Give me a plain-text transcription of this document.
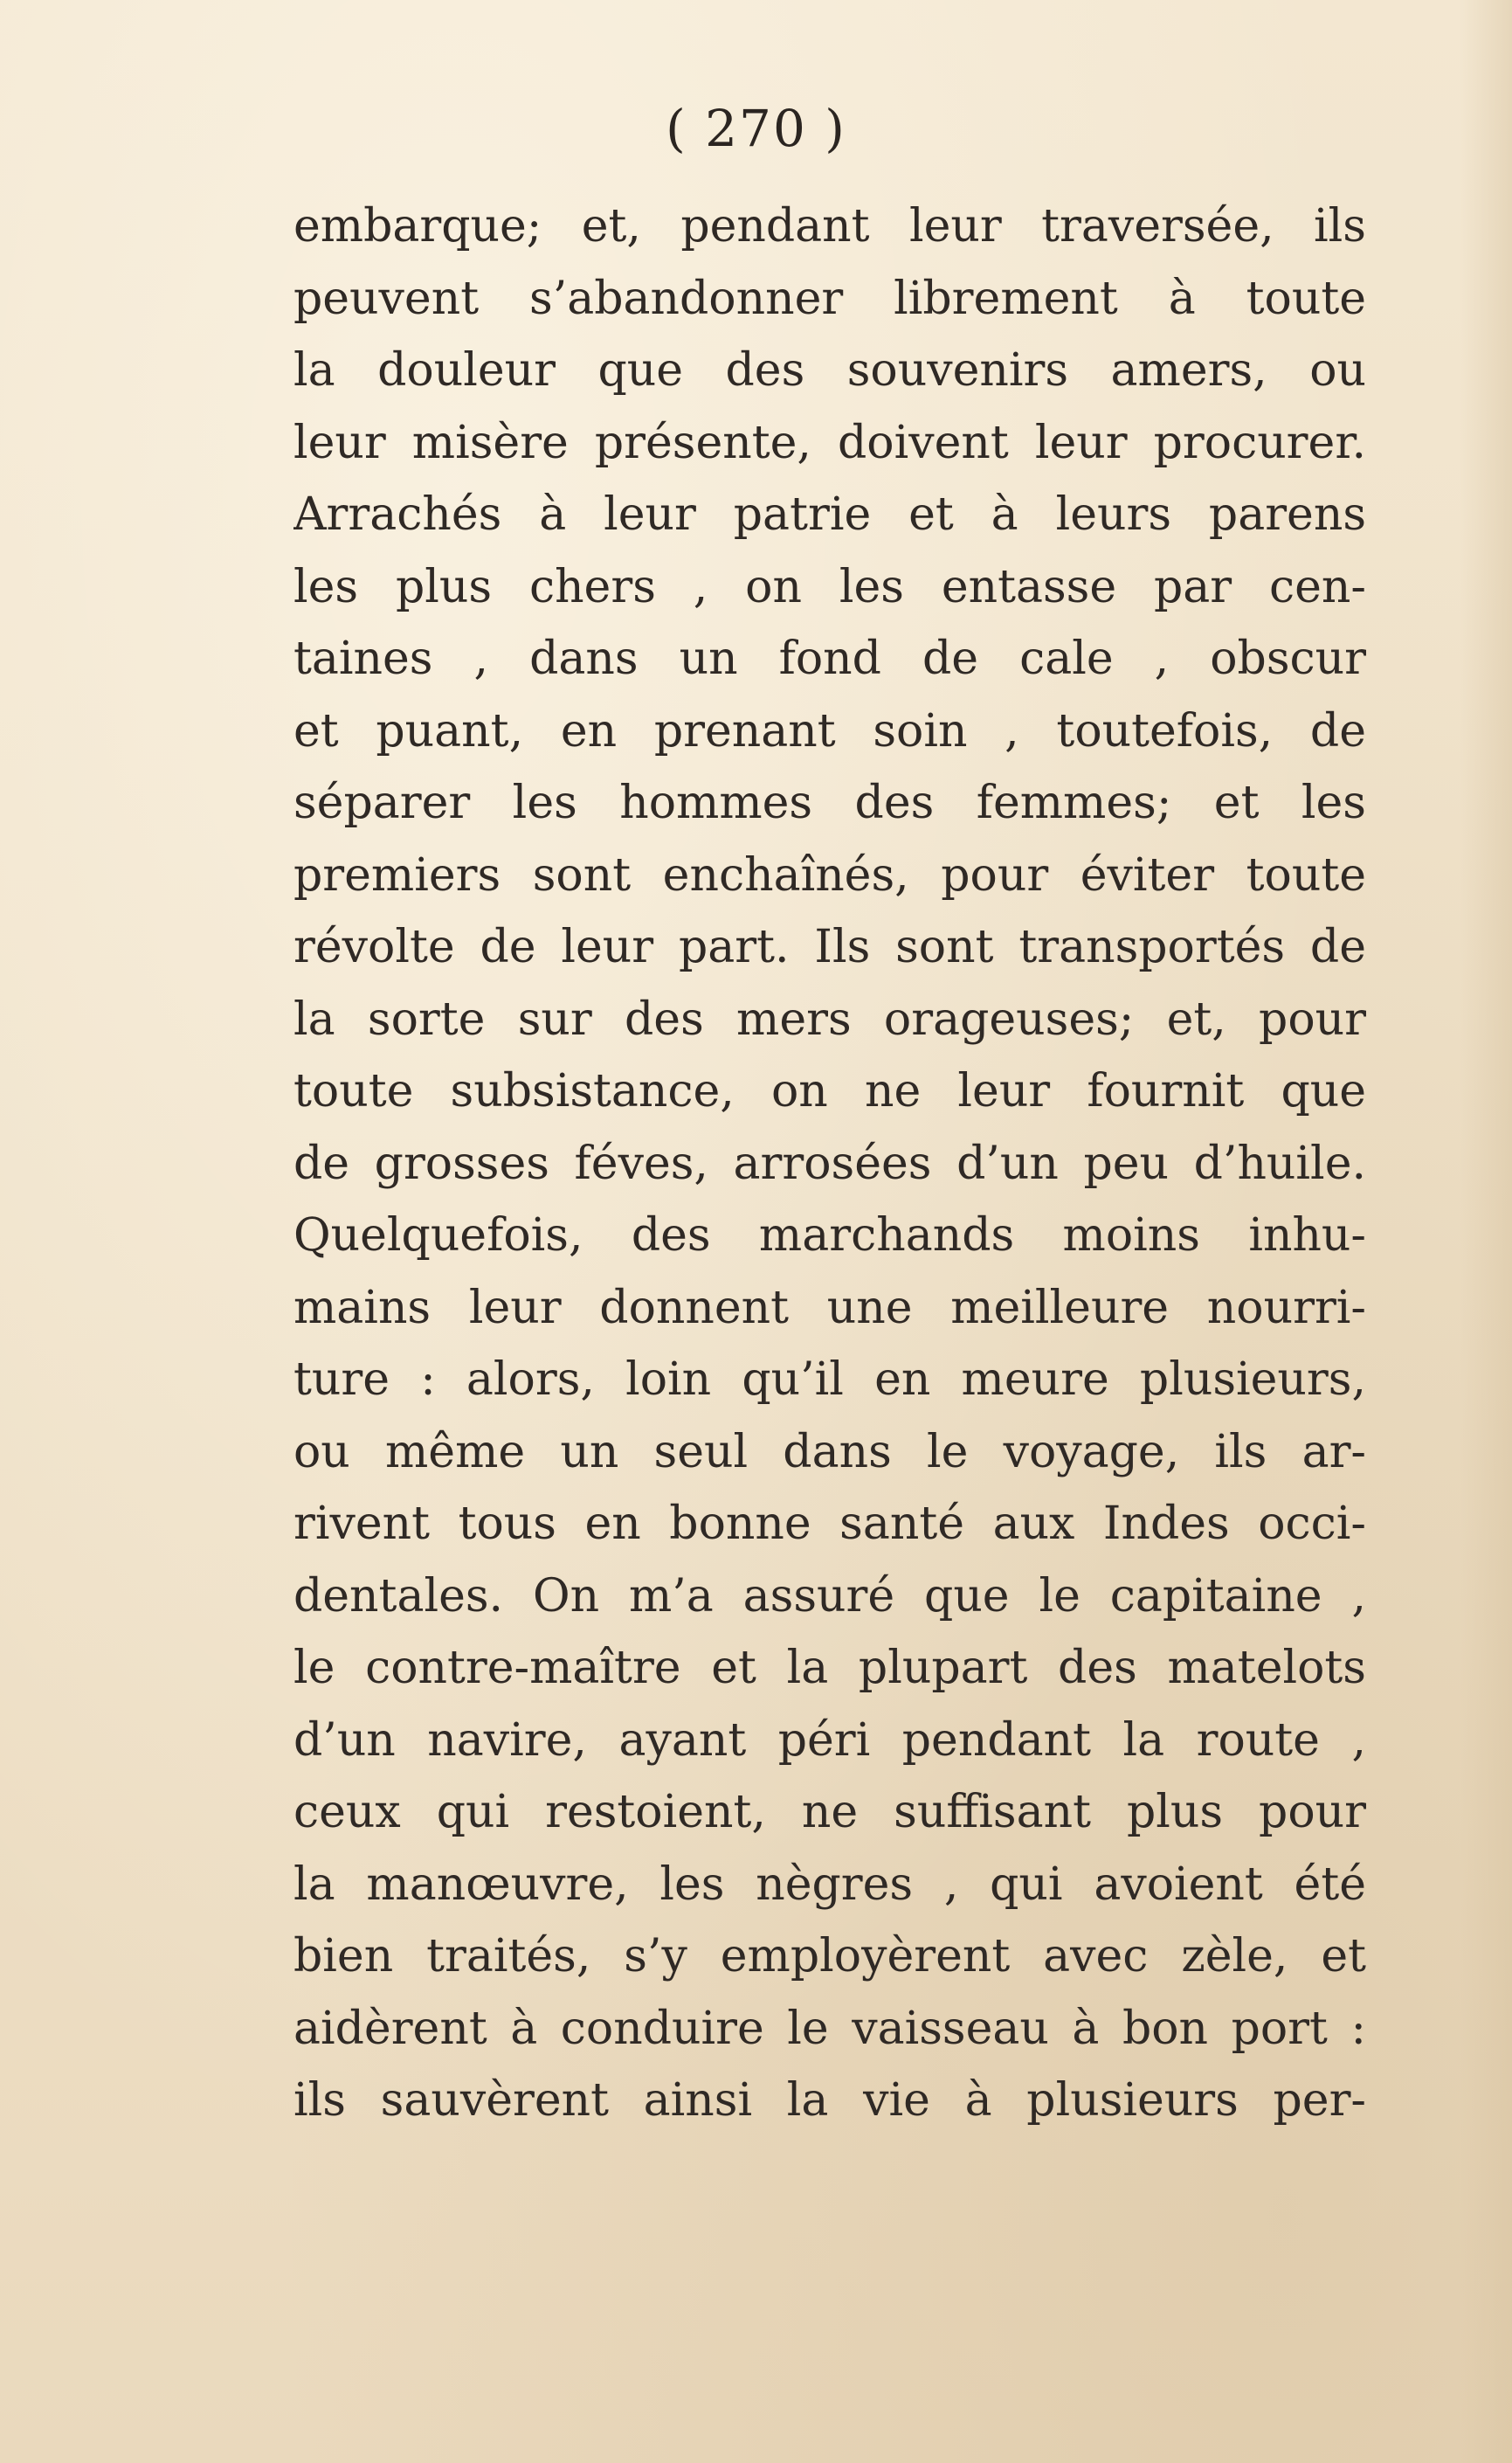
( 270 )
embarque; et, pendant leur traversée, ils
peuvent s’abandonner librement à toute
la douleur que des souvenirs amers, ou
leur misère présente, doivent leur procurer.
Arrachés à leur patrie et à leurs parens
les plus chers , on les entasse par cen-
taines , dans un fond de cale , obscur
et puant, en prenant soin , toutefois, de
séparer les hommes des femmes; et les
premiers sont enchaînés, pour éviter toute
révolte de leur part. Ils sont transportés de
la sorte sur des mers orageuses; et, pour
toute subsistance, on ne leur fournit que
de grosses féves, arrosées d’un peu d’huile.
Quelquefois, des marchands moins inhu-
mains leur donnent une meilleure nourri-
ture : alors, loin qu’il en meure plusieurs,
ou même un seul dans le voyage, ils ar-
rivent tous en bonne santé aux Indes occi-
dentales. On m’a assuré que le capitaine ,
le contre-maître et la plupart des matelots
d’un navire, ayant péri pendant la route ,
ceux qui restoient, ne suffisant plus pour
la manœuvre, les nègres , qui avoient été
bien traités, s’y employèrent avec zèle, et
aidèrent à conduire le vaisseau à bon port :
ils sauvèrent ainsi la vie à plusieurs per-
